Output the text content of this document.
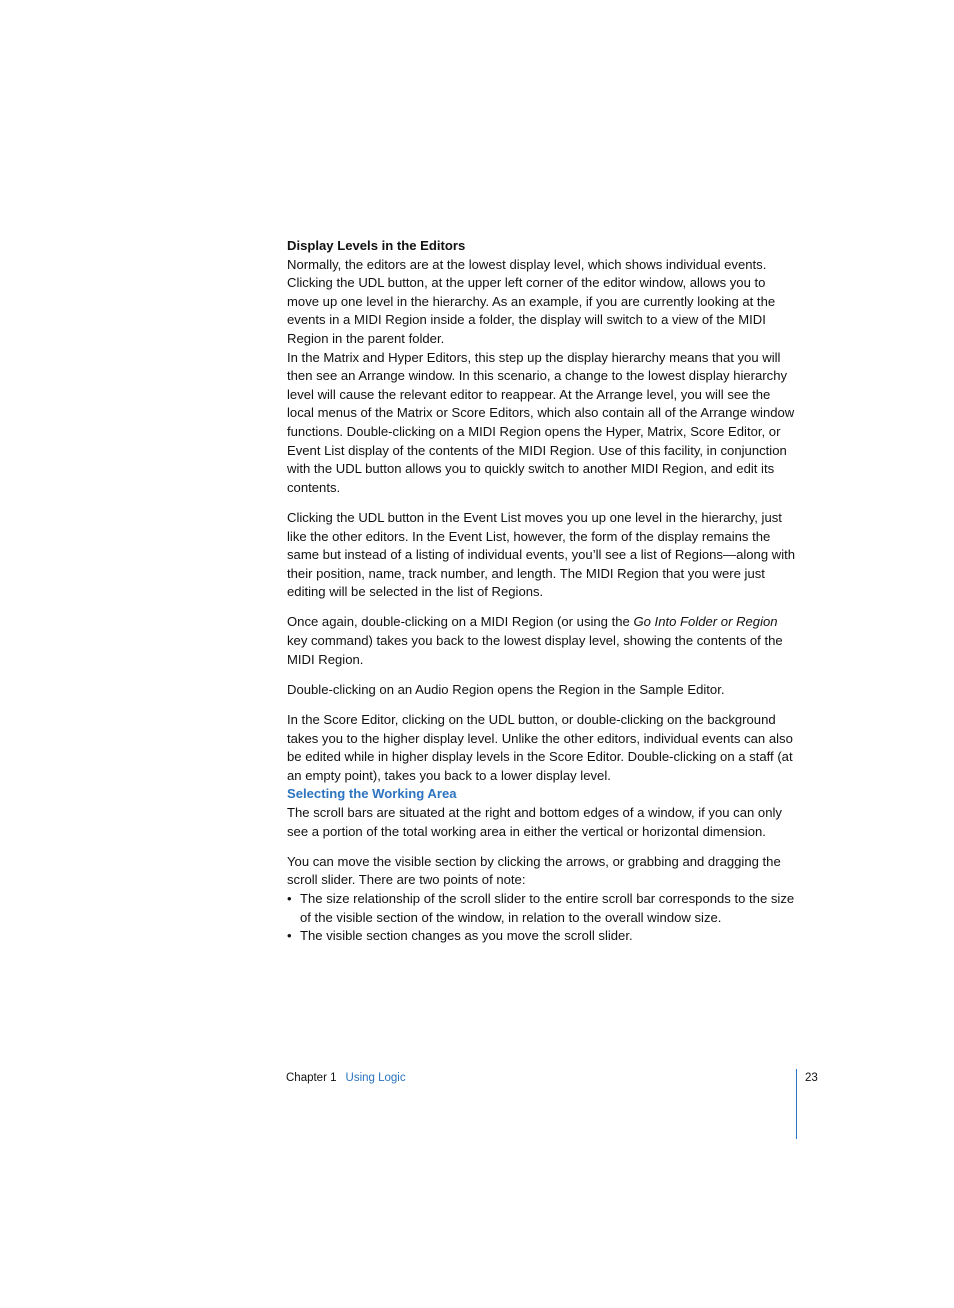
Display Levels in the Editors

Normally, the editors are at the lowest display level, which shows individual events. Clicking the UDL button, at the upper left corner of the editor window, allows you to move up one level in the hierarchy. As an example, if you are currently looking at the events in a MIDI Region inside a folder, the display will switch to a view of the MIDI Region in the parent folder.

In the Matrix and Hyper Editors, this step up the display hierarchy means that you will then see an Arrange window. In this scenario, a change to the lowest display hierarchy level will cause the relevant editor to reappear. At the Arrange level, you will see the local menus of the Matrix or Score Editors, which also contain all of the Arrange window functions. Double-clicking on a MIDI Region opens the Hyper, Matrix, Score Editor, or Event List display of the contents of the MIDI Region. Use of this facility, in conjunction with the UDL button allows you to quickly switch to another MIDI Region, and edit its contents.

Clicking the UDL button in the Event List moves you up one level in the hierarchy, just like the other editors. In the Event List, however, the form of the display remains the same but instead of a listing of individual events, you’ll see a list of Regions—along with their position, name, track number, and length. The MIDI Region that you were just editing will be selected in the list of Regions.

Once again, double-clicking on a MIDI Region (or using the Go Into Folder or Region key command) takes you back to the lowest display level, showing the contents of the MIDI Region.

Double-clicking on an Audio Region opens the Region in the Sample Editor.

In the Score Editor, clicking on the UDL button, or double-clicking on the background takes you to the higher display level. Unlike the other editors, individual events can also be edited while in higher display levels in the Score Editor. Double-clicking on a staff (at an empty point), takes you back to a lower display level.

Selecting the Working Area

The scroll bars are situated at the right and bottom edges of a window, if you can only see a portion of the total working area in either the vertical or horizontal dimension.

You can move the visible section by clicking the arrows, or grabbing and dragging the scroll slider. There are two points of note:

• The size relationship of the scroll slider to the entire scroll bar corresponds to the size of the visible section of the window, in relation to the overall window size.
• The visible section changes as you move the scroll slider.
Chapter 1 Using Logic	23
